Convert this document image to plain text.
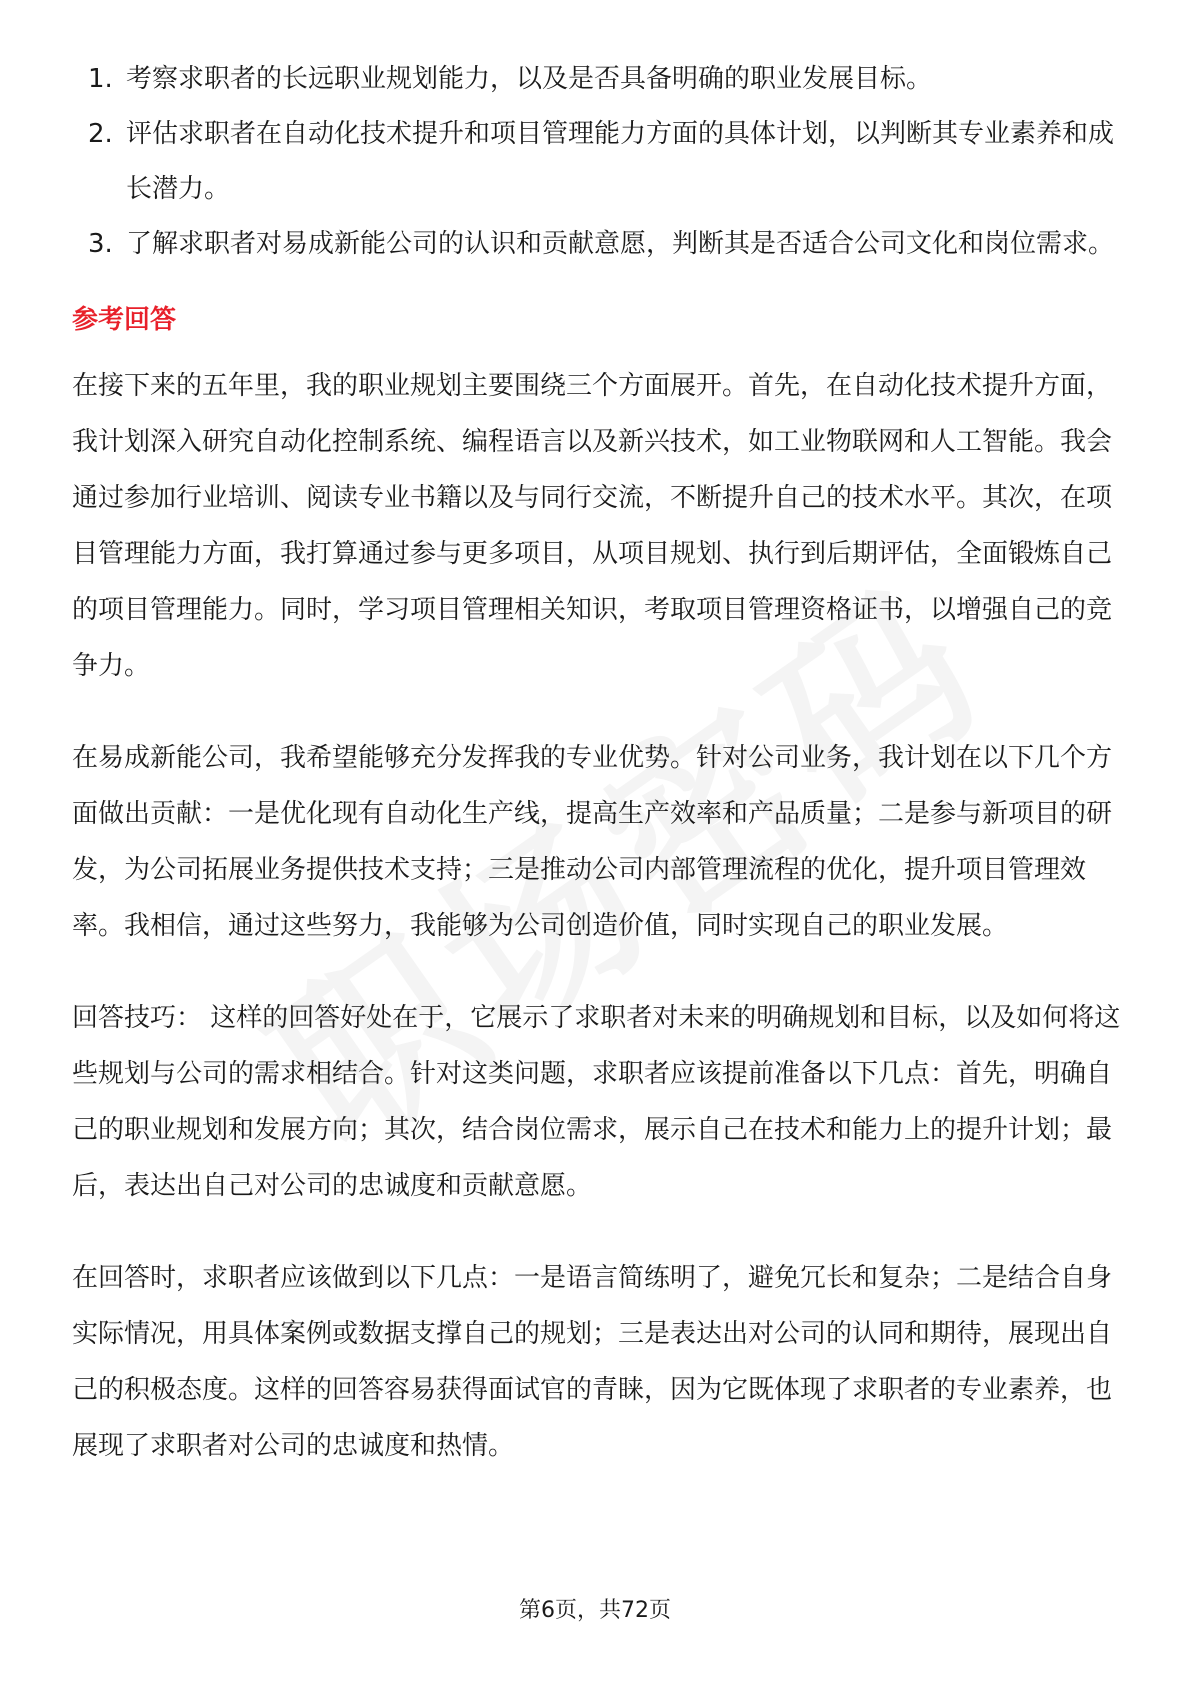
1. 考察求职者的长远职业规划能力，以及是否具备明确的职业发展目标。
2. 评估求职者在自动化技术提升和项目管理能力方面的具体计划，以判断其专业素养和成长潜力。
3. 了解求职者对易成新能公司的认识和贡献意愿，判断其是否适合公司文化和岗位需求。
参考回答

在接下来的五年里，我的职业规划主要围绕三个方面展开。首先，在自动化技术提升方面，我计划深入研究自动化控制系统、编程语言以及新兴技术，如工业物联网和人工智能。我会通过参加行业培训、阅读专业书籍以及与同行交流，不断提升自己的技术水平。其次，在项目管理能力方面，我打算通过参与更多项目，从项目规划、执行到后期评估，全面锻炼自己的项目管理能力。同时，学习项目管理相关知识，考取项目管理资格证书，以增强自己的竞争力。

在易成新能公司，我希望能够充分发挥我的专业优势。针对公司业务，我计划在以下几个方面做出贡献：一是优化现有自动化生产线，提高生产效率和产品质量；二是参与新项目的研发，为公司拓展业务提供技术支持；三是推动公司内部管理流程的优化，提升项目管理效率。我相信，通过这些努力，我能够为公司创造价值，同时实现自己的职业发展。

回答技巧： 这样的回答好处在于，它展示了求职者对未来的明确规划和目标，以及如何将这些规划与公司的需求相结合。针对这类问题，求职者应该提前准备以下几点：首先，明确自己的职业规划和发展方向；其次，结合岗位需求，展示自己在技术和能力上的提升计划；最后，表达出自己对公司的忠诚度和贡献意愿。

在回答时，求职者应该做到以下几点：一是语言简练明了，避免冗长和复杂；二是结合自身实际情况，用具体案例或数据支撑自己的规划；三是表达出对公司的认同和期待，展现出自己的积极态度。这样的回答容易获得面试官的青睐，因为它既体现了求职者的专业素养，也展现了求职者对公司的忠诚度和热情。

第6页，共72页
